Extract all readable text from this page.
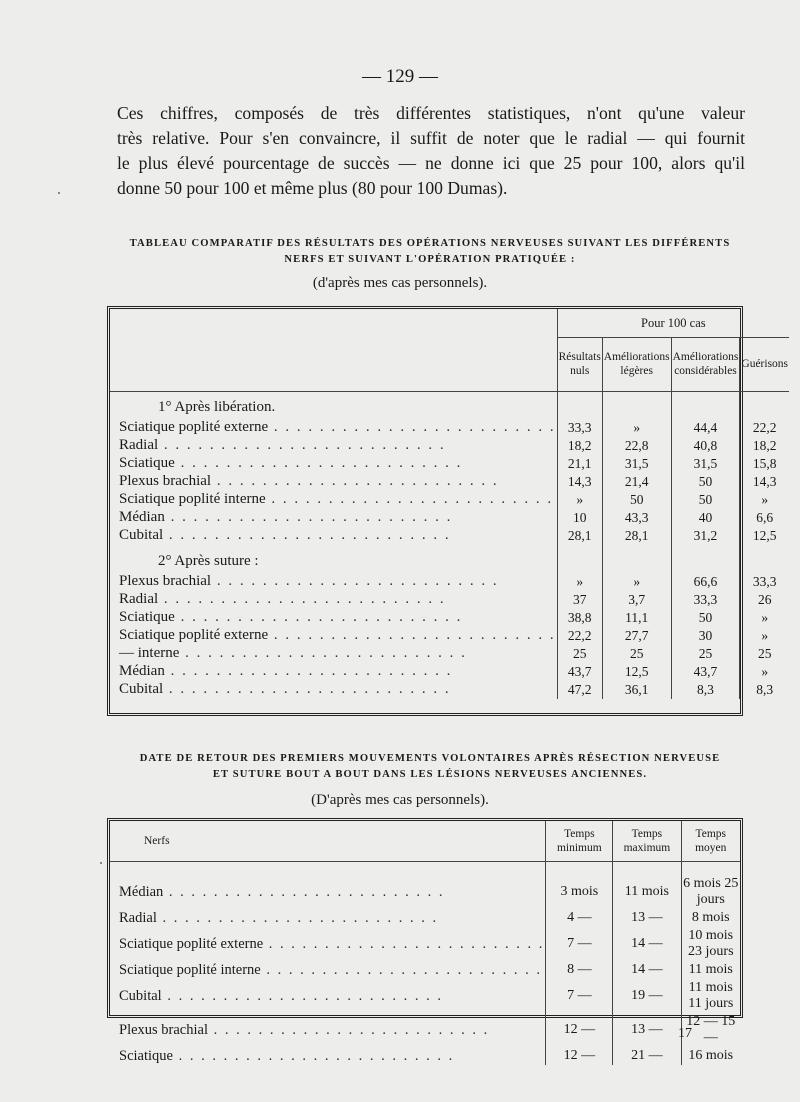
— 129 —
Ces chiffres, composés de très différentes statistiques, n'ont qu'une valeur
très relative. Pour s'en convaincre, il suffit de noter que le radial — qui fournit
le plus élevé pourcentage de succès — ne donne ici que 25 pour 100, alors qu'il
donne 50 pour 100 et même plus (80 pour 100 Dumas).
TABLEAU COMPARATIF DES RÉSULTATS DES OPÉRATIONS NERVEUSES SUIVANT LES DIFFÉRENTS
NERFS ET SUIVANT L'OPÉRATION PRATIQUÉE :
(d'après mes cas personnels).
	Pour 100 cas			
	Résultats nuls	Améliorations légères	Améliorations considérables	Guérisons
1° Après libération.				
Sciatique poplité externe . . . . . . . . . . . . . . . . . . . . . . . . .	33,3	»	44,4	22,2
Radial . . . . . . . . . . . . . . . . . . . . . . . . .	18,2	22,8	40,8	18,2
Sciatique . . . . . . . . . . . . . . . . . . . . . . . . .	21,1	31,5	31,5	15,8
Plexus brachial . . . . . . . . . . . . . . . . . . . . . . . . .	14,3	21,4	50	14,3
Sciatique poplité interne . . . . . . . . . . . . . . . . . . . . . . . . .	»	50	50	»
Médian . . . . . . . . . . . . . . . . . . . . . . . . .	10	43,3	40	6,6
Cubital . . . . . . . . . . . . . . . . . . . . . . . . .	28,1	28,1	31,2	12,5
2° Après suture :				
Plexus brachial . . . . . . . . . . . . . . . . . . . . . . . . .	»	»	66,6	33,3
Radial . . . . . . . . . . . . . . . . . . . . . . . . .	37	3,7	33,3	26
Sciatique . . . . . . . . . . . . . . . . . . . . . . . . .	38,8	11,1	50	»
Sciatique poplité externe . . . . . . . . . . . . . . . . . . . . . . . . .	22,2	27,7	30	»
— interne . . . . . . . . . . . . . . . . . . . . . . . . .	25	25	25	25
Médian . . . . . . . . . . . . . . . . . . . . . . . . .	43,7	12,5	43,7	»
Cubital . . . . . . . . . . . . . . . . . . . . . . . . .	47,2	36,1	8,3	8,3
DATE DE RETOUR DES PREMIERS MOUVEMENTS VOLONTAIRES APRÈS RÉSECTION NERVEUSE
ET SUTURE BOUT A BOUT DANS LES LÉSIONS NERVEUSES ANCIENNES.
(D'après mes cas personnels).
Nerfs	Temps minimum	Temps maximum	Temps moyen

Médian . . . . . . . . . . . . . . . . . . . . . . . . .	3 mois	11 mois	6 mois 25 jours
Radial . . . . . . . . . . . . . . . . . . . . . . . . .	4 —	13 —	8 mois
Sciatique poplité externe . . . . . . . . . . . . . . . . . . . . . . . . .	7 —	14 —	10 mois 23 jours
Sciatique poplité interne . . . . . . . . . . . . . . . . . . . . . . . . .	8 —	14 —	11 mois
Cubital . . . . . . . . . . . . . . . . . . . . . . . . .	7 —	19 —	11 mois 11 jours
Plexus brachial . . . . . . . . . . . . . . . . . . . . . . . . .	12 —	13 —	12 — 15 —
Sciatique . . . . . . . . . . . . . . . . . . . . . . . . .	12 —	21 —	16 mois
17
